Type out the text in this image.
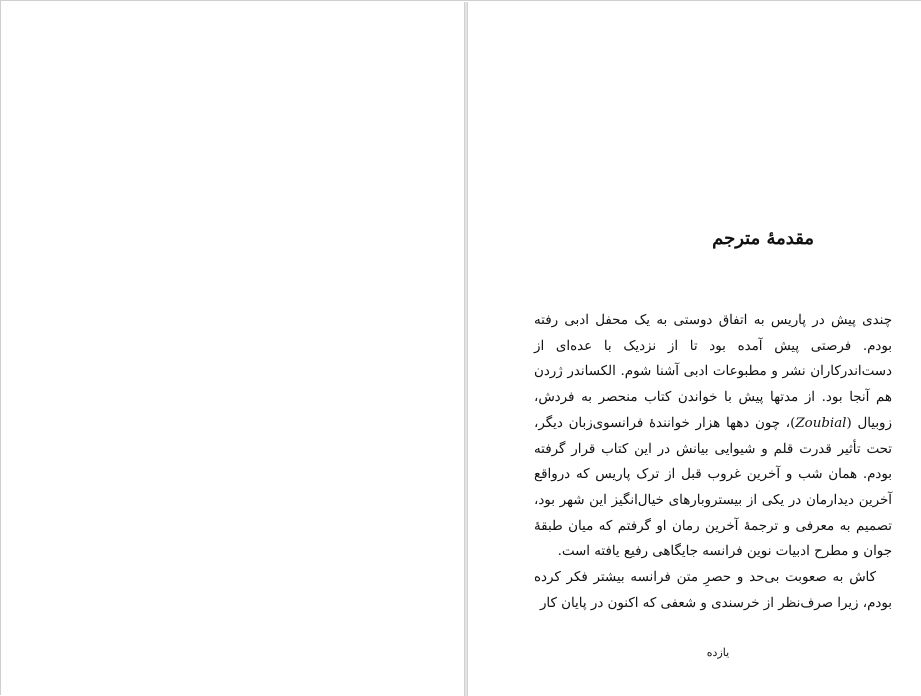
مقدمهٔ مترجم

چندی پیش در پاریس به اتفاق دوستی به یک محفل ادبی رفته بودم. فرصتی پیش آمده بود تا از نزدیک با عده‌ای از دست‌اندرکاران نشر و مطبوعات ادبی آشنا شوم. الکساندر ژردن هم آنجا بود. از مدتها پیش با خواندن کتاب منحصر به فردش، زوبیال (Zoubial)، چون دهها هزار خوانندهٔ فرانسوی‌زبان دیگر، تحت تأثیر قدرت قلم و شیوایی بیانش در این کتاب قرار گرفته بودم. همان شب و آخرین غروب قبل از ترک پاریس که درواقع آخرین دیدارمان در یکی از بیستروبارهای خیال‌انگیز این شهر بود، تصمیم به معرفی و ترجمهٔ آخرین رمان او گرفتم که میان طبقهٔ جوان و مطرح ادبیات نوین فرانسه جایگاهی رفیع یافته است.

کاش به صعوبت بی‌حد و حصرِ متن فرانسه بیشتر فکر کرده بودم، زیرا صرف‌نظر از خرسندی و شعفی که اکنون در پایان کار

یازده
